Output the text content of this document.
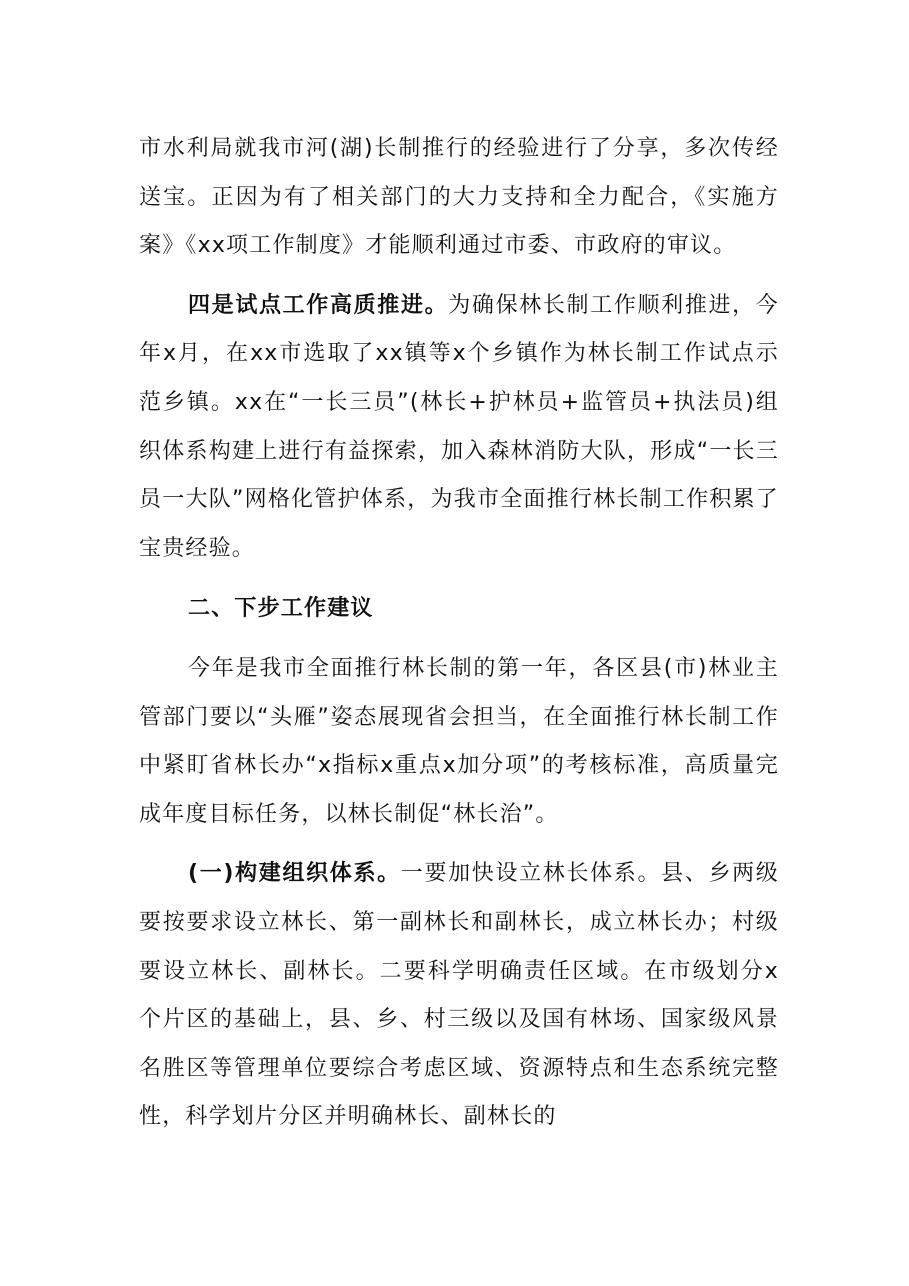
市水利局就我市河(湖)长制推行的经验进行了分享，多次传经送宝。正因为有了相关部门的大力支持和全力配合，《实施方案》《xx项工作制度》才能顺利通过市委、市政府的审议。

四是试点工作高质推进。为确保林长制工作顺利推进，今年x月，在xx市选取了xx镇等x个乡镇作为林长制工作试点示范乡镇。xx在“一长三员”(林长+护林员+监管员+执法员)组织体系构建上进行有益探索，加入森林消防大队，形成“一长三员一大队”网格化管护体系，为我市全面推行林长制工作积累了宝贵经验。

二、下步工作建议

今年是我市全面推行林长制的第一年，各区县(市)林业主管部门要以“头雁”姿态展现省会担当，在全面推行林长制工作中紧盯省林长办“x指标x重点x加分项”的考核标准，高质量完成年度目标任务，以林长制促“林长治”。

(一)构建组织体系。一要加快设立林长体系。县、乡两级要按要求设立林长、第一副林长和副林长，成立林长办；村级要设立林长、副林长。二要科学明确责任区域。在市级划分x个片区的基础上，县、乡、村三级以及国有林场、国家级风景名胜区等管理单位要综合考虑区域、资源特点和生态系统完整性，科学划片分区并明确林长、副林长的
